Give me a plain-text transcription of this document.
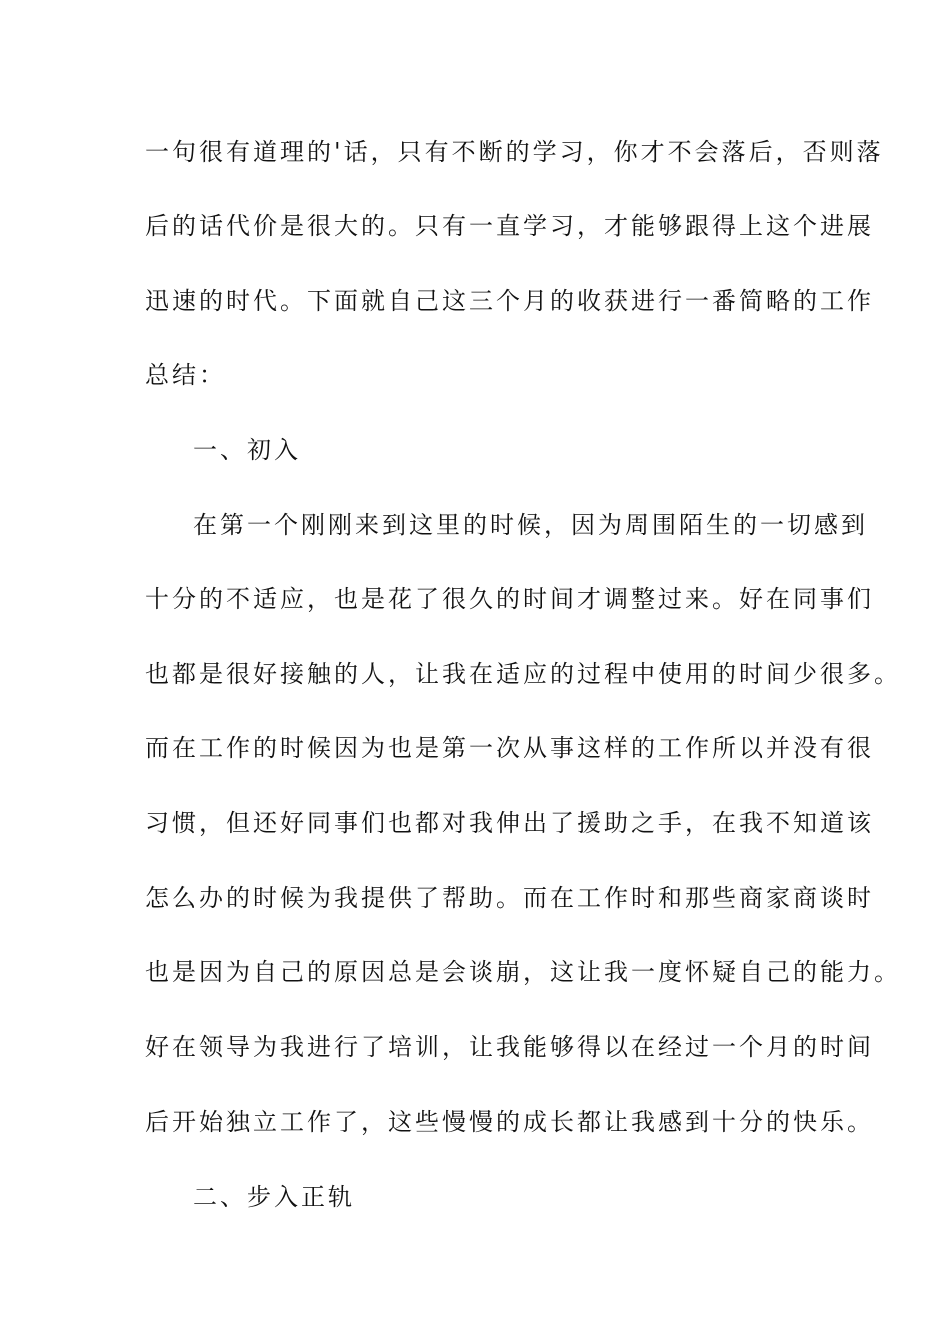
一句很有道理的'话，只有不断的学习，你才不会落后，否则落
后的话代价是很大的。只有一直学习，才能够跟得上这个进展
迅速的时代。下面就自己这三个月的收获进行一番简略的工作
总结：
一、初入
在第一个刚刚来到这里的时候，因为周围陌生的一切感到
十分的不适应，也是花了很久的时间才调整过来。好在同事们
也都是很好接触的人，让我在适应的过程中使用的时间少很多。
而在工作的时候因为也是第一次从事这样的工作所以并没有很
习惯，但还好同事们也都对我伸出了援助之手，在我不知道该
怎么办的时候为我提供了帮助。而在工作时和那些商家商谈时
也是因为自己的原因总是会谈崩，这让我一度怀疑自己的能力。
好在领导为我进行了培训，让我能够得以在经过一个月的时间
后开始独立工作了，这些慢慢的成长都让我感到十分的快乐。
二、步入正轨
